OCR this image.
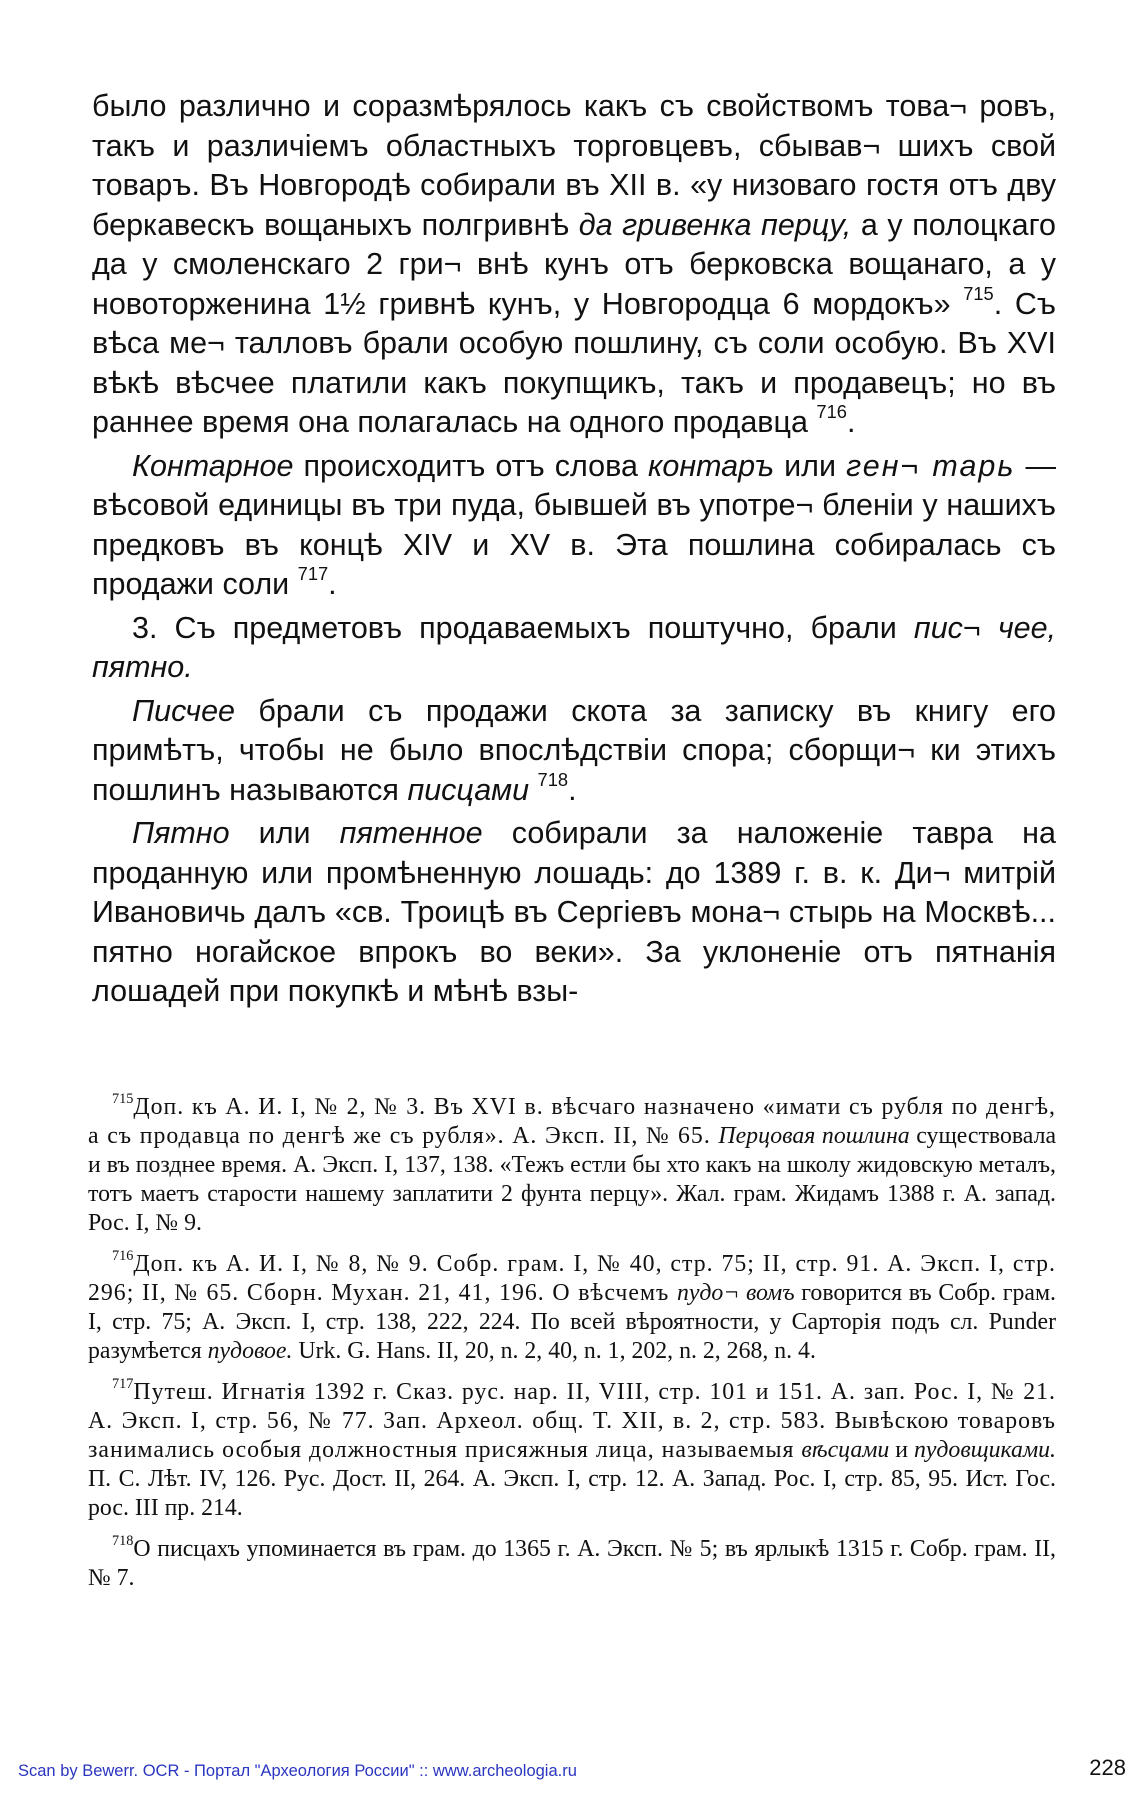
было различно и соразмѣрялось какъ съ свойствомъ това¬ ровъ, такъ и различiемъ областныхъ торговцевъ, сбывав¬ шихъ свой товаръ. Въ Новгородѣ собирали въ XII в. «у низоваго гостя отъ дву беркавескъ вощаныхъ полгривнѣ да гривенка перцу, а у полоцкаго да у смоленскаго 2 гри¬ внѣ кунъ отъ берковска вощанаго, а у новоторженина 1½ гривнѣ кунъ, у Новгородца 6 мордокъ» $^{715}$. Съ вѣса ме¬ талловъ брали особую пошлину, съ соли особую. Въ XVI вѣкѣ вѣсчее платили какъ покупщикъ, такъ и продавецъ; но въ раннее время она полагалась на одного продавца $^{716}$.

Контарное происходитъ отъ слова контаръ или ген¬ тарь — вѣсовой единицы въ три пуда, бывшей въ употре¬ бленiи у нашихъ предковъ въ концѣ XIV и XV в. Эта пошлина собиралась съ продажи соли $^{717}$.

3. Съ предметовъ продаваемыхъ поштучно, брали пис¬ чее, пятно.

Писчее брали съ продажи скота за записку въ книгу его примѣтъ, чтобы не было впослѣдствiи спора; сборщи¬ ки этихъ пошлинъ называются писцами $^{718}$.

Пятно или пятенное собирали за наложенiе тавра на проданную или промѣненную лошадь: до 1389 г. в. к. Ди¬ митрiй Ивановичь далъ «св. Троицѣ въ Сергiевъ мона¬ стырь на Москвѣ... пятно ногайское впрокъ во веки». За уклоненiе отъ пятнанiя лошадей при покупкѣ и мѣнѣ взы-

$^{715}$Доп. къ А. И. I, № 2, № 3. Въ XVI в. вѣсчаго назначено «имати съ рубля по денгѣ, а съ продавца по денгѣ же съ рубля». А. Эксп. II, № 65. Перцовая пошлина существовала и въ позднее время. А. Эксп. I, 137, 138. «Тежъ естли бы хто какъ на школу жидовскую металъ, тотъ маетъ старости нашему заплатити 2 фунта перцу». Жал. грам. Жидамъ 1388 г. А. запад. Рос. I, № 9.

$^{716}$Доп. къ А. И. I, № 8, № 9. Собр. грам. I, № 40, стр. 75; II, стр. 91. А. Эксп. I, стр. 296; II, № 65. Сборн. Мухан. 21, 41, 196. О вѣсчемъ пудо¬ вомъ говорится въ Собр. грам. I, стр. 75; А. Эксп. I, стр. 138, 222, 224. По всей вѣроятности, у Сарторiя подъ сл. Punder разумѣется пудовое. Urk. G. Hans. II, 20, n. 2, 40, n. 1, 202, n. 2, 268, n. 4.

$^{717}$Путеш. Игнатiя 1392 г. Сказ. рус. нар. II, VIII, стр. 101 и 151. А. зап. Рос. I, № 21. А. Эксп. I, стр. 56, № 77. Зап. Археол. общ. Т. XII, в. 2, стр. 583. Вывѣскою товаровъ занимались особыя должностныя присяжныя лица, называемыя вѣсцами и пудовщиками. П. С. Лѣт. IV, 126. Рус. Дост. II, 264. А. Эксп. I, стр. 12. А. Запад. Рос. I, стр. 85, 95. Ист. Гос. рос. III пр. 214.

$^{718}$О писцахъ упоминается въ грам. до 1365 г. А. Эксп. № 5; въ ярлыкѣ 1315 г. Собр. грам. II, № 7.

Scan by Bewerr. OCR - Портал "Археология России" :: www.archeologia.ru	228
